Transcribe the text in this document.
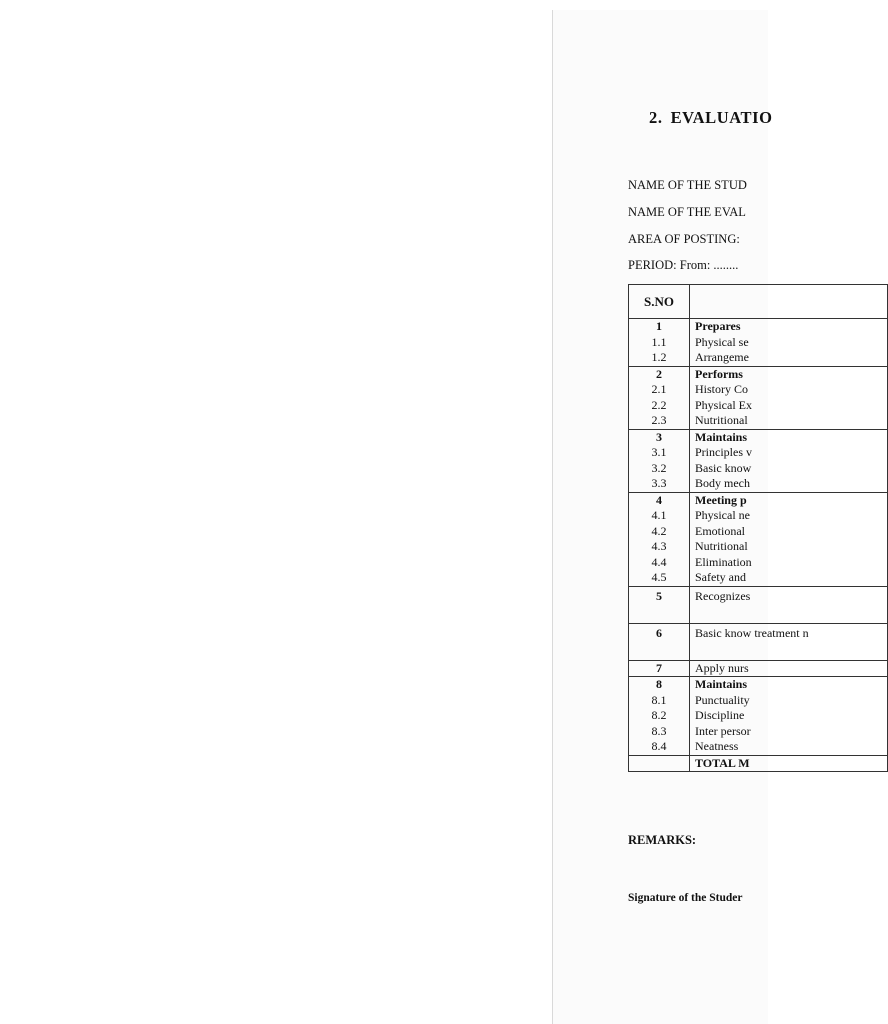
2. EVALUATIO
NAME OF THE STUD
NAME OF THE EVAL
AREA OF POSTING:
PERIOD: From: ........
S.NO	
1	Prepares
1.1	Physical se
1.2	Arrangeme
2	Performs
2.1	History Co
2.2	Physical Ex
2.3	Nutritional
3	Maintains
3.1	Principles v
3.2	Basic know
3.3	Body mech
4	Meeting p
4.1	Physical ne
4.2	Emotional
4.3	Nutritional
4.4	Elimination
4.5	Safety and
5	Recognizes
6	Basic know treatment n
7	Apply nurs
8	Maintains
8.1	Punctuality
8.2	Discipline
8.3	Inter persor
8.4	Neatness
	TOTAL M
REMARKS:
Signature of the Studer
